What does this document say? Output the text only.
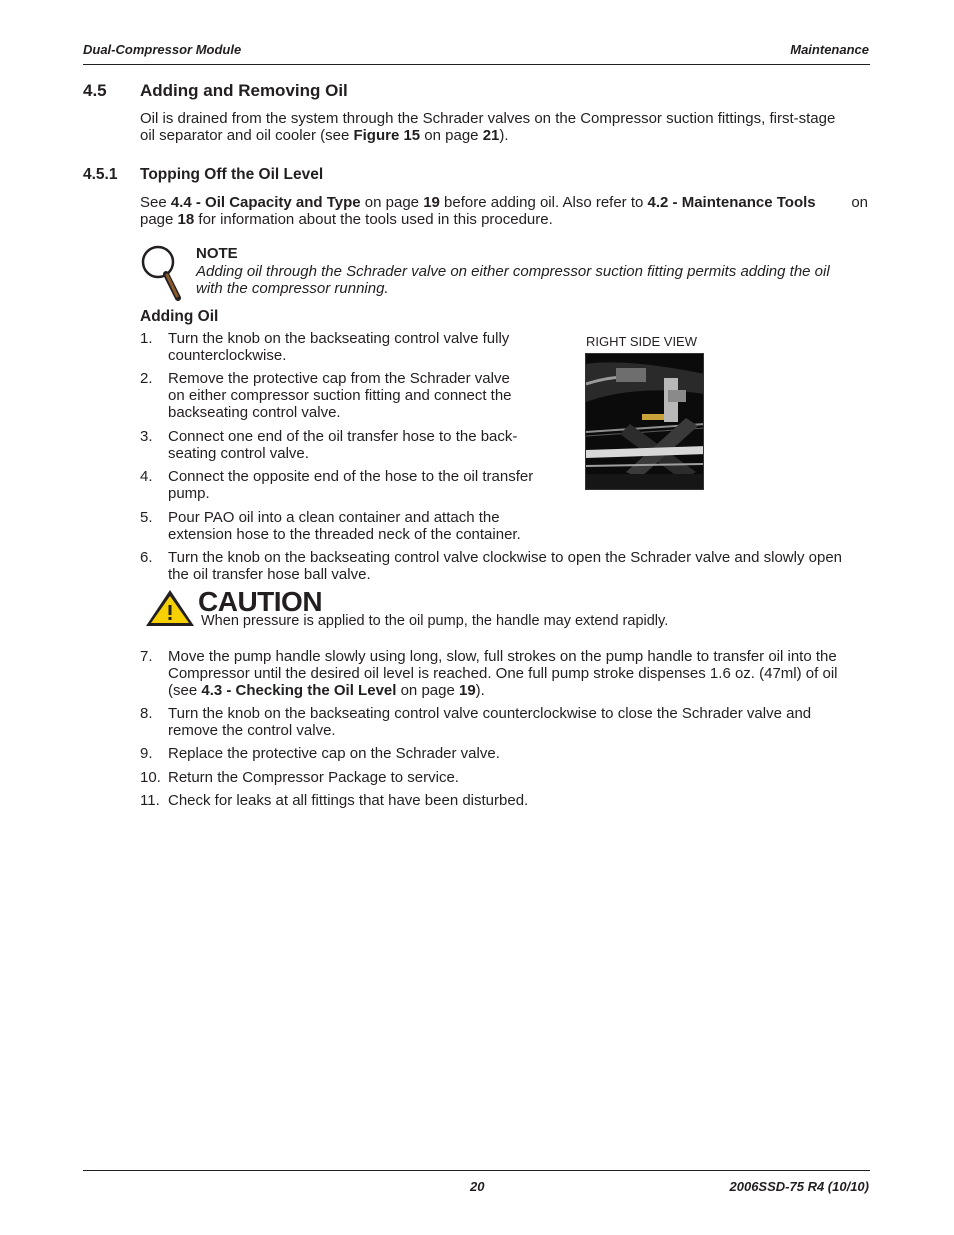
Dual-Compressor Module	Maintenance
4.5 Adding and Removing Oil
Oil is drained from the system through the Schrader valves on the Compressor suction fittings, first-stage
oil separator and oil cooler (see Figure 15 on page 21).
4.5.1 Topping Off the Oil Level
See 4.4 - Oil Capacity and Type on page 19 before adding oil. Also refer to 4.2 - Maintenance Tools on
page 18 for information about the tools used in this procedure.
NOTE
Adding oil through the Schrader valve on either compressor suction fitting permits adding the oil
with the compressor running.
Adding Oil
1. Turn the knob on the backseating control valve fully
counterclockwise.
2. Remove the protective cap from the Schrader valve
on either compressor suction fitting and connect the
backseating control valve.
3. Connect one end of the oil transfer hose to the back-
seating control valve.
4. Connect the opposite end of the hose to the oil transfer
pump.
5. Pour PAO oil into a clean container and attach the
extension hose to the threaded neck of the container.
6. Turn the knob on the backseating control valve clockwise to open the Schrader valve and slowly open
the oil transfer hose ball valve.
RIGHT SIDE VIEW
CAUTION
When pressure is applied to the oil pump, the handle may extend rapidly.
7. Move the pump handle slowly using long, slow, full strokes on the pump handle to transfer oil into the
Compressor until the desired oil level is reached. One full pump stroke dispenses 1.6 oz. (47ml) of oil
(see 4.3 - Checking the Oil Level on page 19).
8. Turn the knob on the backseating control valve counterclockwise to close the Schrader valve and
remove the control valve.
9. Replace the protective cap on the Schrader valve.
10. Return the Compressor Package to service.
11. Check for leaks at all fittings that have been disturbed.
20	2006SSD-75 R4 (10/10)
